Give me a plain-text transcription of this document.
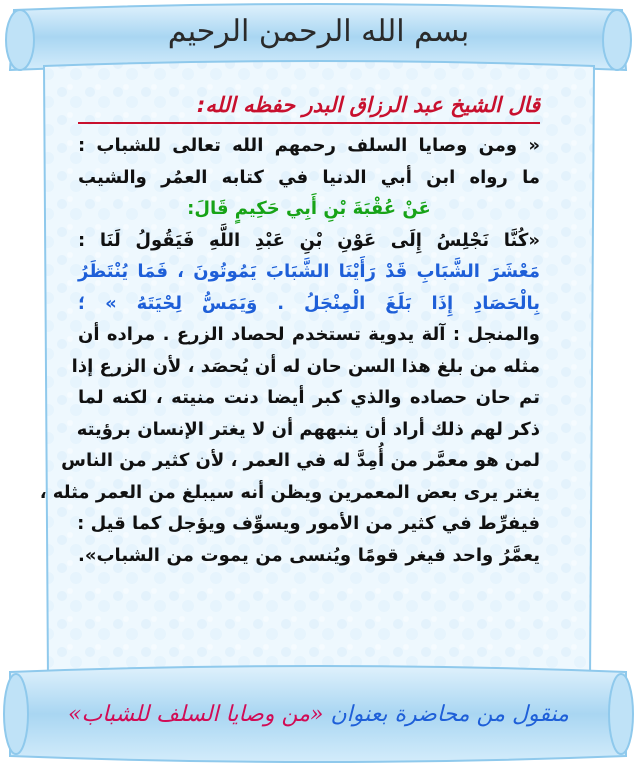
بسم الله الرحمن الرحيم
قال الشيخ عبد الرزاق البدر حفظه الله:
« ومن وصايا السلف رحمهم الله تعالى للشباب :
ما رواه ابن أبي الدنيا في كتابه العمُر والشيب
عَنْ عُقْبَةَ بْنِ أَبِي حَكِيمٍ قَالَ:
«كُنَّا نَجْلِسُ إِلَى عَوْنِ بْنِ عَبْدِ اللَّهِ فَيَقُولُ لَنَا :
مَعْشَرَ الشَّبَابِ قَدْ رَأَيْنَا الشَّبَابَ يَمُوتُونَ ، فَمَا يُنْتَظَرُ
بِالْحَصَادِ إِذَا بَلَغَ الْمِنْجَلُ . وَيَمَسُّ لِحْيَتَهُ » ؛
والمنجل : آلة يدوية تستخدم لحصاد الزرع . مراده أن
مثله من بلغ هذا السن حان له أن يُحصَد ، لأن الزرع إذا
تم حان حصاده والذي كبر أيضا دنت منيته ، لكنه لما
ذكر لهم ذلك أراد أن ينبههم أن لا يغتر الإنسان برؤيته
لمن هو معمَّر من أُمِدَّ له في العمر ، لأن كثير من الناس
يغتر يرى بعض المعمرين ويظن أنه سيبلغ من العمر مثله ،
فيفرِّط في كثير من الأمور ويسوِّف ويؤجل كما قيل :
يعمَّرُ واحد فيغر قومًا ويُنسى من يموت من الشباب».
منقول من محاضرة بعنوان «من وصايا السلف للشباب»
